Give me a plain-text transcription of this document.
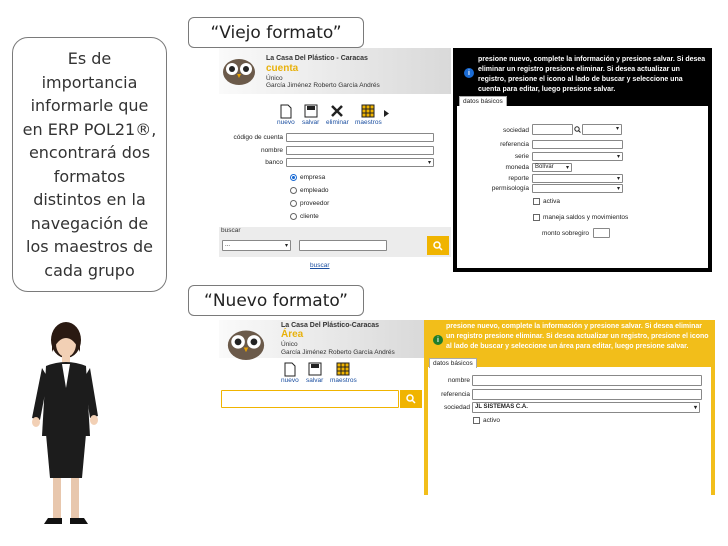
Es de importancia informarle que en ERP POL21®, encontrará dos formatos distintos en la navegación de los maestros de cada grupo
“Viejo formato”
“Nuevo formato”
La Casa Del Plástico - Caracas
cuenta
Único
García Jiménez Roberto García Andrés
nuevo salvar eliminar maestros
código de cuenta
nombre
banco	▾
empresa
empleado
proveedor
cliente
buscar
...	▾
buscar
i
presione nuevo, complete la información y presione salvar. Si desea eliminar un registro presione eliminar. Si desea actualizar un registro, presione el icono al lado de buscar y seleccione una cuenta para editar, luego presione salvar.
datos básicos
sociedad	▾
referencia
serie	▾
moneda	Bolívar ▾
reporte	▾
permisología	▾
activa
maneja saldos y movimientos
monto sobregiro
La Casa Del Plástico-Caracas
Área
Único
García Jiménez Roberto García Andrés
nuevo salvar maestros
i
presione nuevo, complete la información y presione salvar. Si desea eliminar un registro presione eliminar. Si desea actualizar un registro, presione el icono al lado de buscar y seleccione un área para editar, luego presione salvar.
datos básicos
nombre
referencia
sociedad JL SISTEMAS C.A.	▾
activo
